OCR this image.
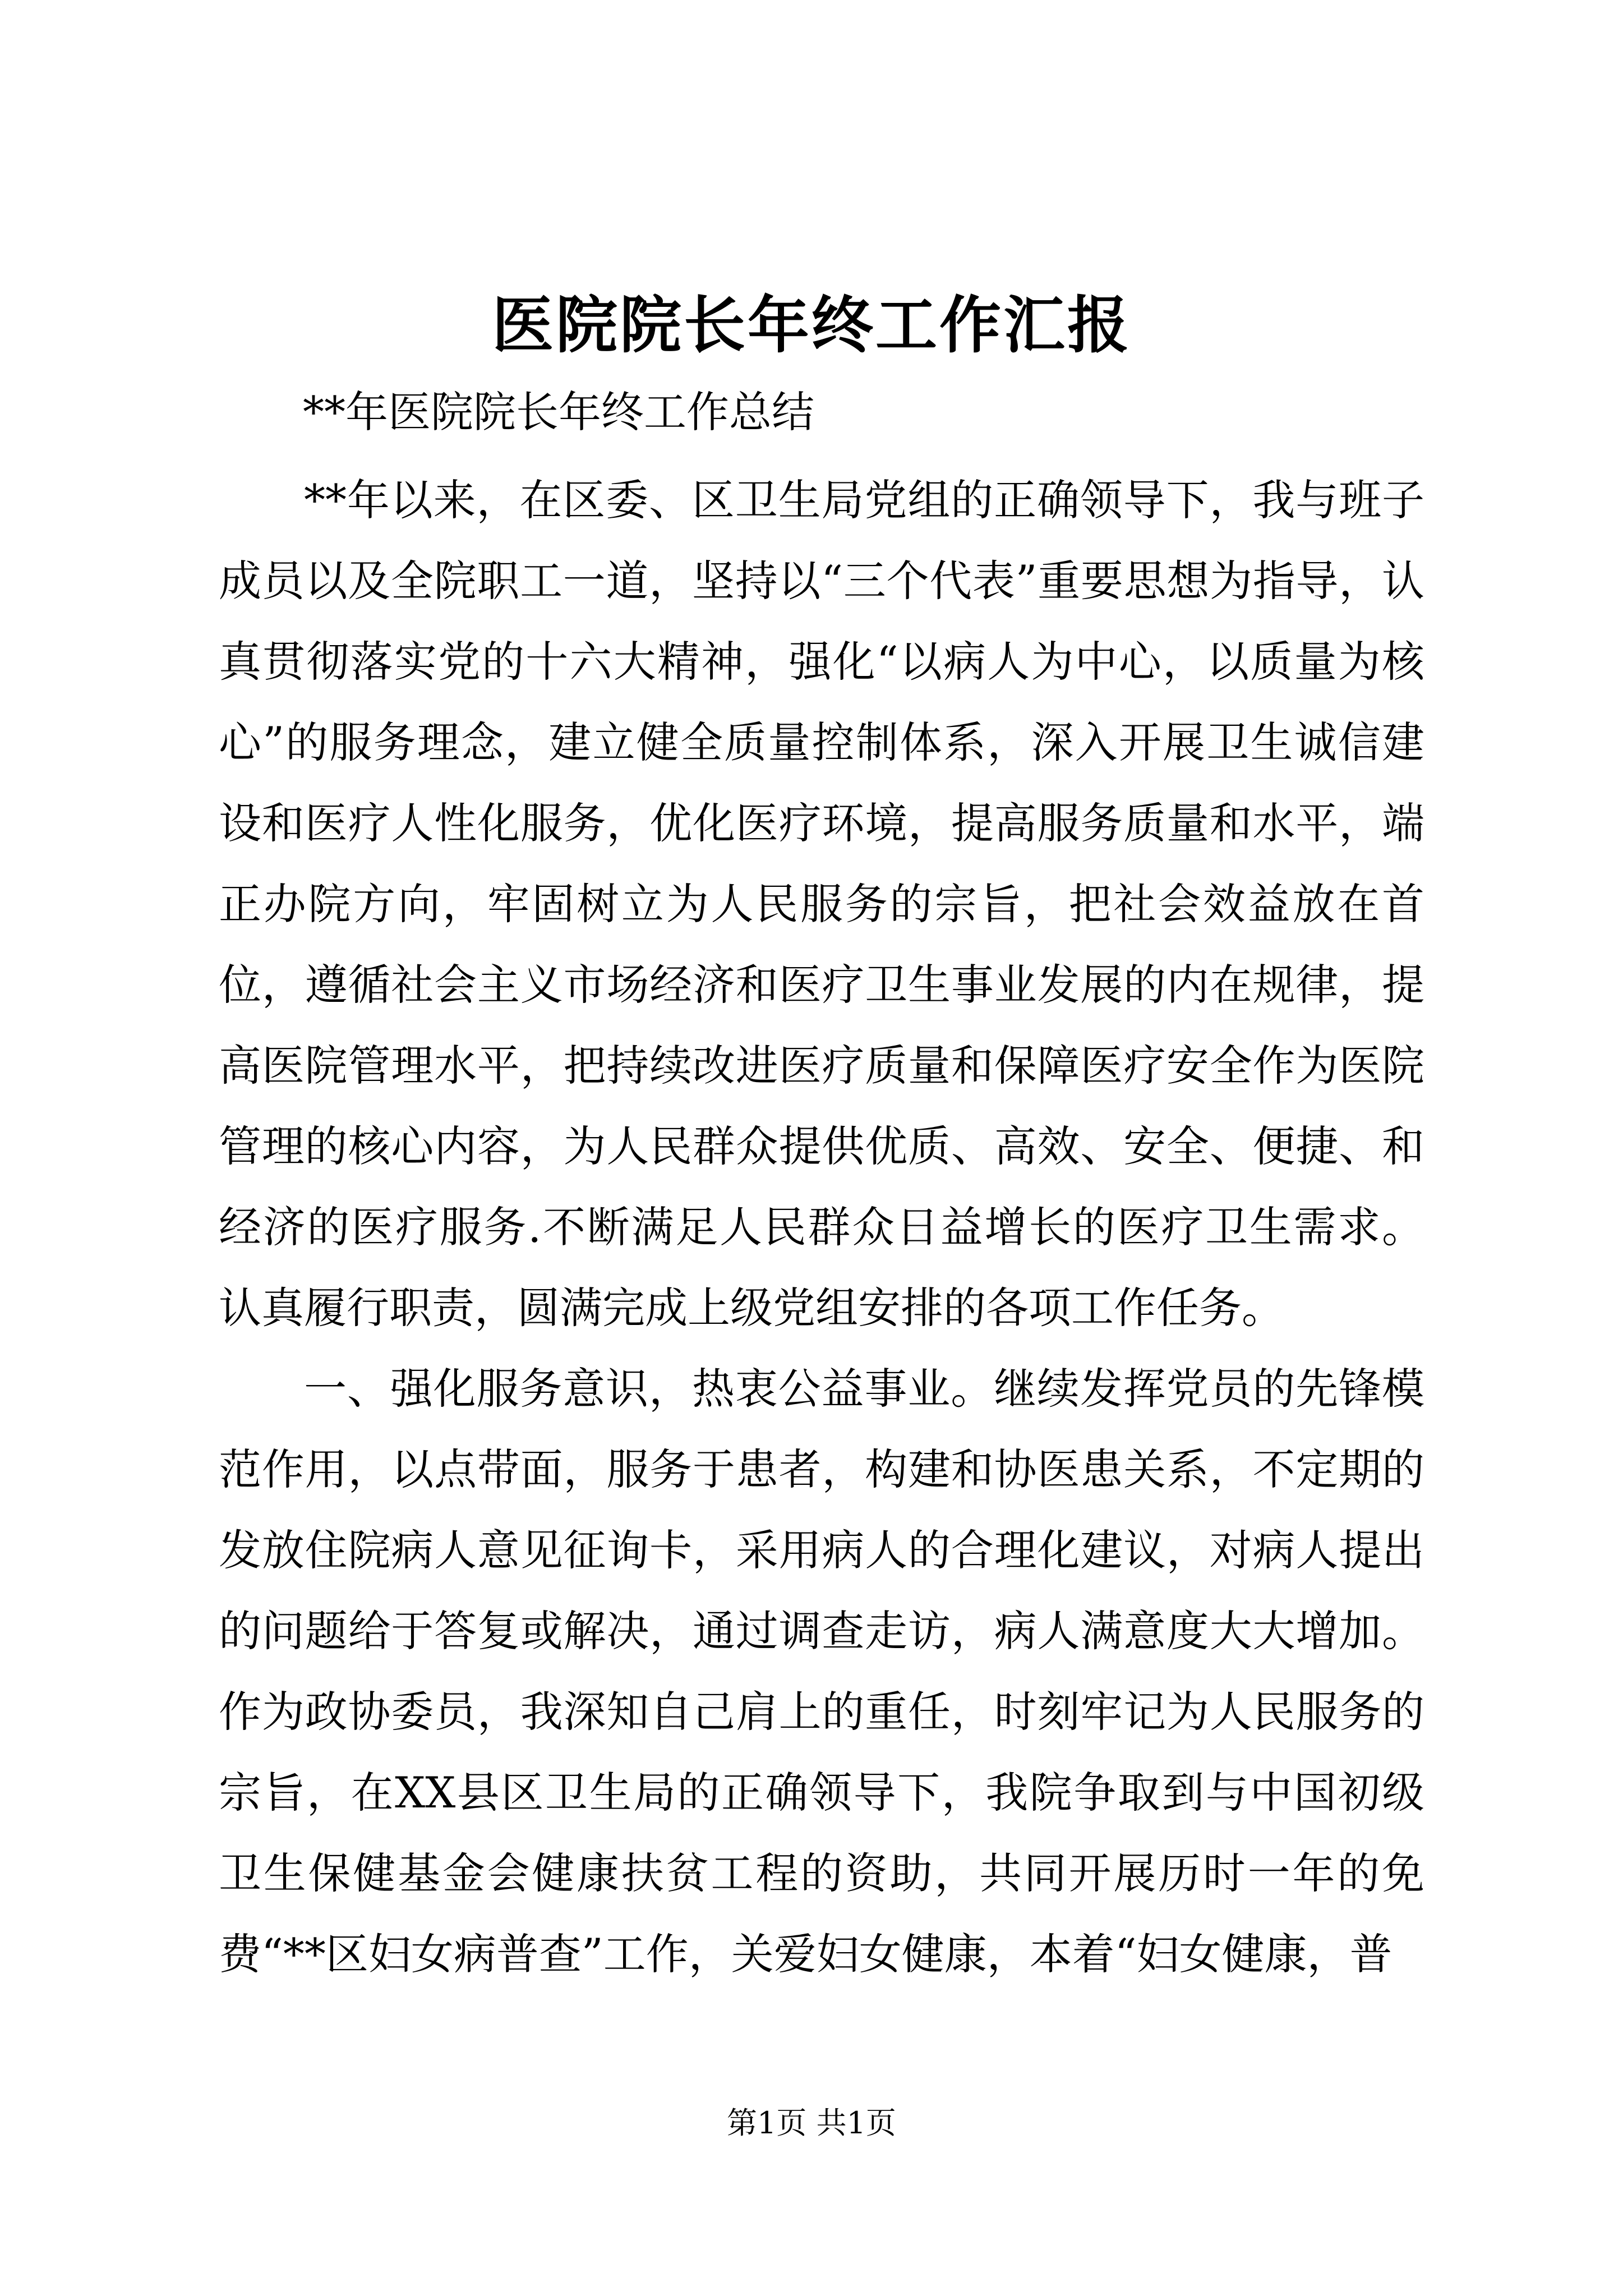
医院院长年终工作汇报
**年医院院长年终工作总结

**年以来，在区委、区卫生局党组的正确领导下，我与班子成员以及全院职工一道，坚持以“三个代表”重要思想为指导，认真贯彻落实党的十六大精神，强化“以病人为中心，以质量为核心”的服务理念，建立健全质量控制体系，深入开展卫生诚信建设和医疗人性化服务，优化医疗环境，提高服务质量和水平，端正办院方向，牢固树立为人民服务的宗旨，把社会效益放在首位，遵循社会主义市场经济和医疗卫生事业发展的内在规律，提高医院管理水平，把持续改进医疗质量和保障医疗安全作为医院管理的核心内容，为人民群众提供优质、高效、安全、便捷、和经济的医疗服务.不断满足人民群众日益增长的医疗卫生需求。认真履行职责，圆满完成上级党组安排的各项工作任务。

一、强化服务意识，热衷公益事业。继续发挥党员的先锋模范作用，以点带面，服务于患者，构建和协医患关系，不定期的发放住院病人意见征询卡，采用病人的合理化建议，对病人提出的问题给于答复或解决，通过调查走访，病人满意度大大增加。作为政协委员，我深知自己肩上的重任，时刻牢记为人民服务的宗旨，在XX县区卫生局的正确领导下，我院争取到与中国初级卫生保健基金会健康扶贫工程的资助，共同开展历时一年的免费“**区妇女病普查”工作，关爱妇女健康，本着“妇女健康，普

第1页 共1页
